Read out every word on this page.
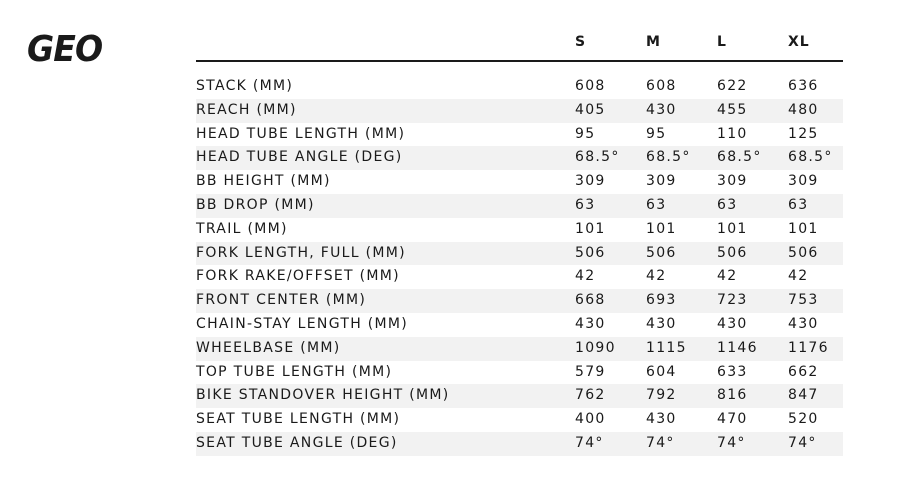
GEO	S	M	L	XL
STACK (MM)	608	608	622	636
REACH (MM)	405	430	455	480
HEAD TUBE LENGTH (MM)	95	95	110	125
HEAD TUBE ANGLE (DEG)	68.5° 68.5° 68.5° 68.5°
BB HEIGHT (MM)	309	309	309	309
BB DROP (MM)	63	63	63	63
TRAIL (MM)	101	101	101	101
FORK LENGTH, FULL (MM)	506	506	506	506
FORK RAKE/OFFSET (MM)	42	42	42	42
FRONT CENTER (MM)	668	693	723	753
CHAIN-STAY LENGTH (MM)	430	430	430	430
WHEELBASE (MM)	1090 1115 1146 1176
TOP TUBE LENGTH (MM)	579	604	633	662
BIKE STANDOVER HEIGHT (MM)	762	792	816	847
SEAT TUBE LENGTH (MM)	400	430	470	520
SEAT TUBE ANGLE (DEG)	74°	74°	74°	74°
